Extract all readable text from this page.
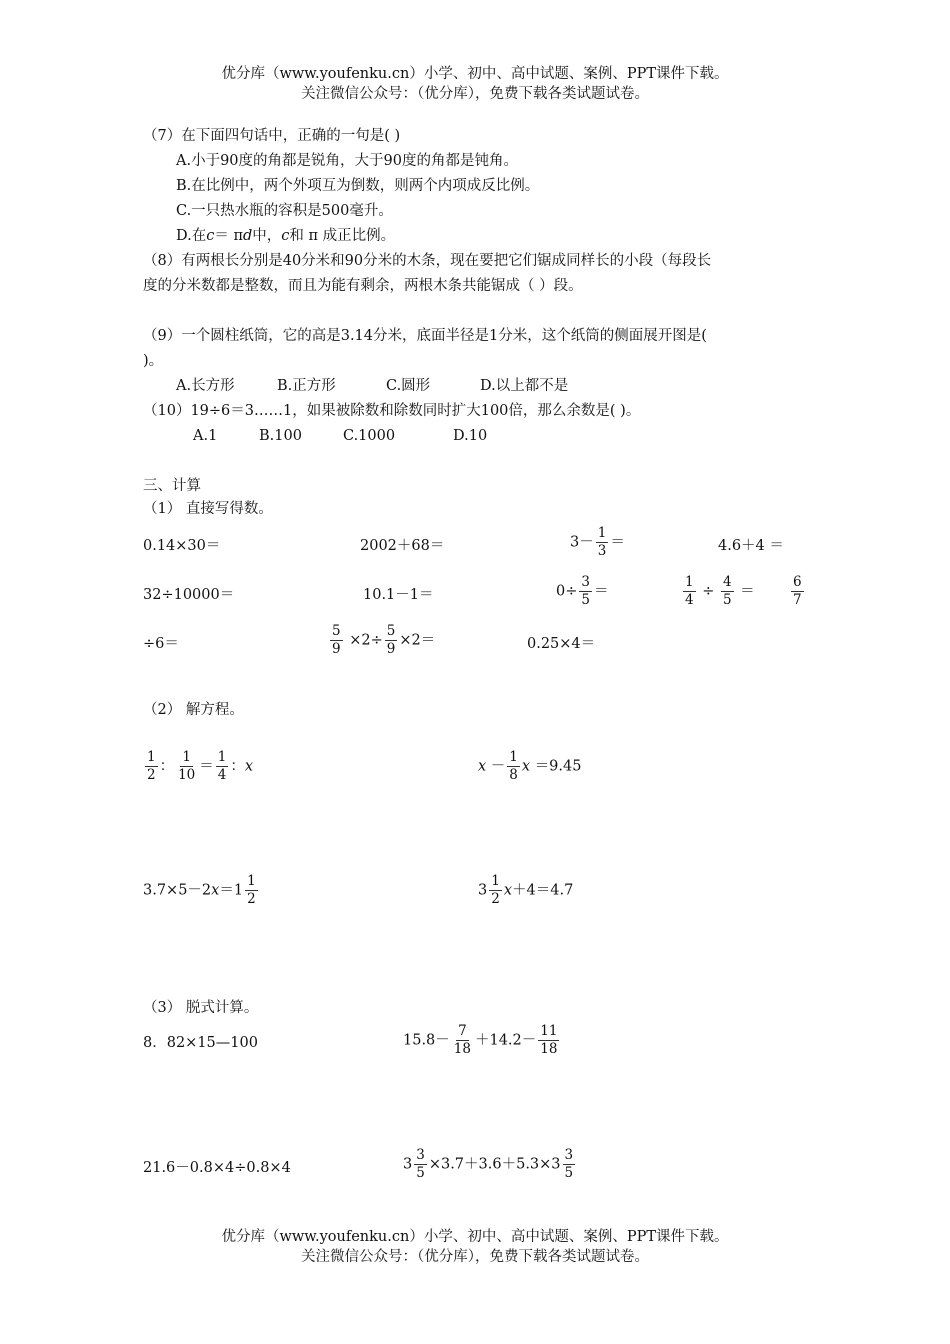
优分库（www.youfenku.cn）小学、初中、高中试题、案例、PPT课件下载。
关注微信公众号：（优分库），免费下载各类试题试卷。
（7）在下面四句话中，正确的一句是( )
A.小于90度的角都是锐角，大于90度的角都是钝角。
B.在比例中，两个外项互为倒数，则两个内项成反比例。
C.一只热水瓶的容积是500毫升。
D.在c＝ πd中，c和 π 成正比例。
（8）有两根长分别是40分米和90分米的木条，现在要把它们锯成同样长的小段（每段长
度的分米数都是整数，而且为能有剩余，两根木条共能锯成（ ）段。
（9）一个圆柱纸筒，它的高是3.14分米，底面半径是1分米，这个纸筒的侧面展开图是(
)。
A.长方形	B.正方形	C.圆形	D.以上都不是
（10）19÷6＝3……1，如果被除数和除数同时扩大100倍，那么余数是( )。
A.1	B.100	C.1000	D.10
三、计算
（1） 直接写得数。
0.14×30＝	2002＋68＝	$3- \frac{1}{3}$ ＝	4.6＋4 ＝
32÷10000＝	10.1－1＝	$0\div \frac{3}{5}$ ＝	$\frac{1}{4} \div \frac{4}{5}$ ＝	$\frac{6}{7}$
÷6＝	$\frac{5}{9} \times 2\div \frac{5}{9} \times 2=$	0.25×4＝
（2） 解方程。
$\frac{1}{2}$ ： $\frac{1}{10} = \frac{1}{4}$ ：x	$x - \frac{1}{8}$ x ＝9.45
$3.7\times 5-2x=1 \frac{1}{2}$	$3 \frac{1}{2} x+4=4.7$
（3） 脱式计算。
8．82×15—100	$15.8- \frac{7}{18} +14.2- \frac{11}{18}$
21.6－0.8×4÷0.8×4	$3 \frac{3}{5} \times 3.7+3.6+5.3\times 3 \frac{3}{5}$
优分库（www.youfenku.cn）小学、初中、高中试题、案例、PPT课件下载。
关注微信公众号：（优分库），免费下载各类试题试卷。
